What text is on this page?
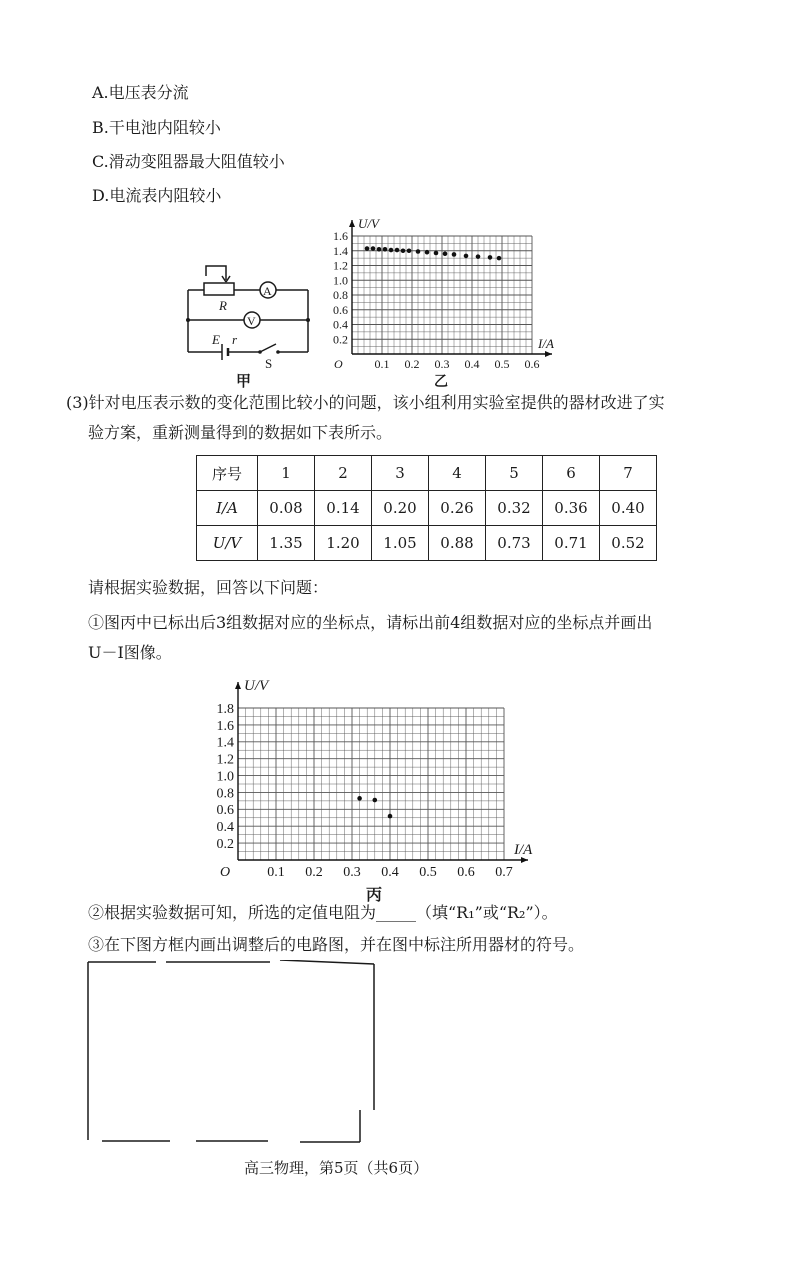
A.电压表分流
B.干电池内阻较小
C.滑动变阻器最大阻值较小
D.电流表内阻较小
R
A
V
E r
S
甲
0.1 0.2 0.3 0.4 0.5 0.6
0.2
0.4
0.6
0.8
1.0
1.2
1.4
1.6
O
I/A
U/V
乙
(3)针对电压表示数的变化范围比较小的问题，该小组利用实验室提供的器材改进了实
验方案，重新测量得到的数据如下表所示。
序号	1	2	3	4	5	6	7
I/A	0.08	0.14	0.20	0.26	0.32	0.36	0.40
U/V	1.35	1.20	1.05	0.88	0.73	0.71	0.52
请根据实验数据，回答以下问题：
①图丙中已标出后3组数据对应的坐标点，请标出前4组数据对应的坐标点并画出
U－I图像。
0.1 0.2 0.3 0.4 0.5 0.6 0.7
0.2
0.4
0.6
0.8
1.0
1.2
1.4
1.6
1.8
O
I/A
U/V
丙
②根据实验数据可知，所选的定值电阻为_____（填“R₁”或“R₂”）。
③在下图方框内画出调整后的电路图，并在图中标注所用器材的符号。
高三物理，第5页（共6页）
